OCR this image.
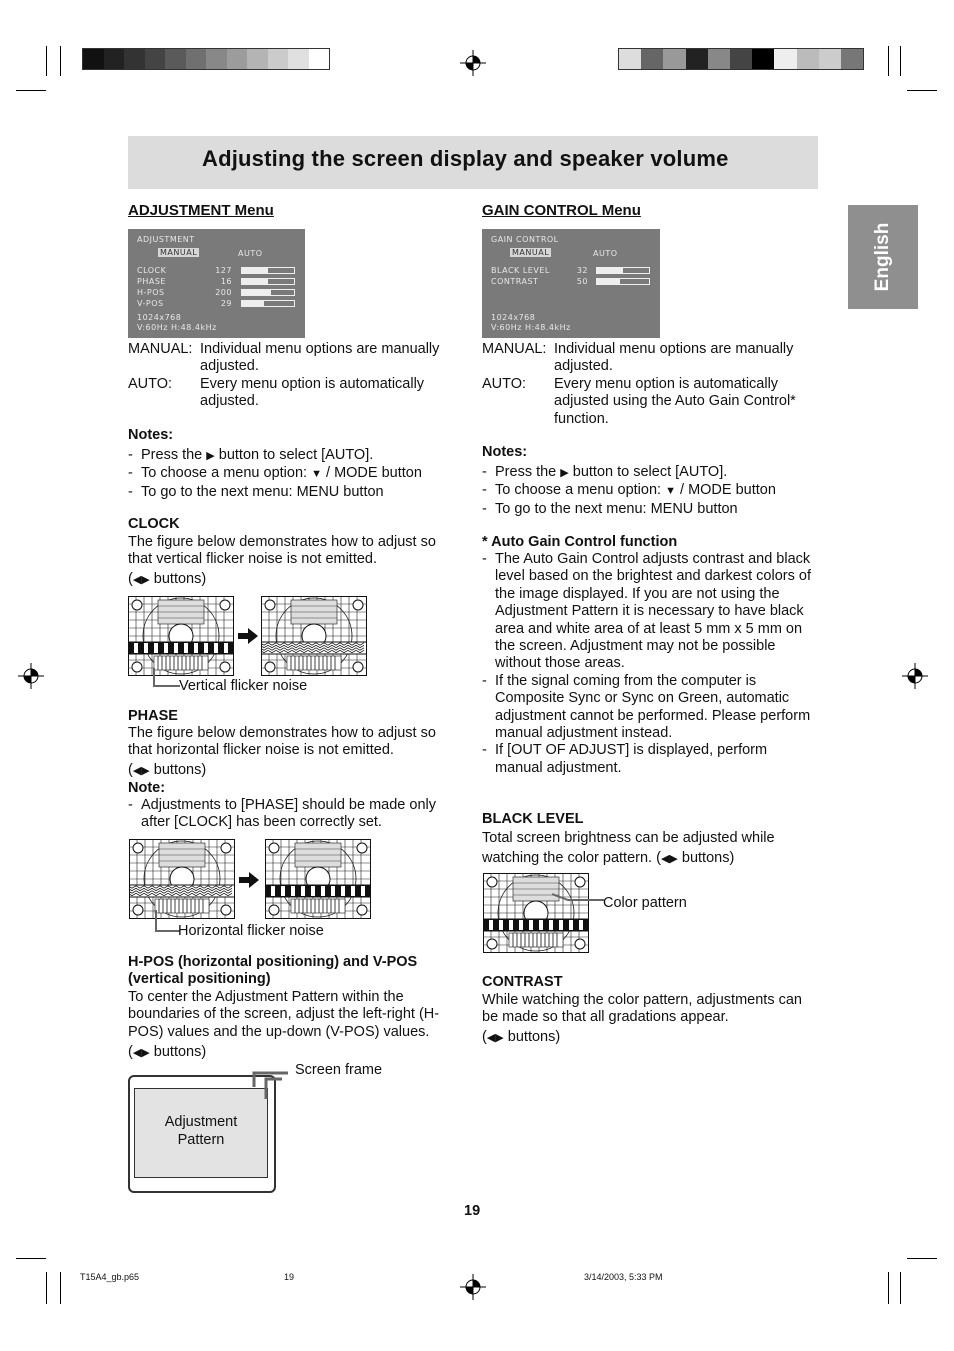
Adjusting the screen display and speaker volume
English
ADJUSTMENT Menu
ADJUSTMENT
MANUAL	AUTO
CLOCK	127
PHASE	16
H-POS	200
V-POS	29
1024x768
V:60Hz H:48.4kHz
MANUAL: Individual menu options are manually adjusted.
AUTO:	Every menu option is automatically adjusted.
Notes:
- Press the ▶ button to select [AUTO].
- To choose a menu option: ▼ / MODE button
- To go to the next menu: MENU button
CLOCK
The figure below demonstrates how to adjust so that vertical flicker noise is not emitted.
(◀▶ buttons)
Vertical flicker noise
PHASE
The figure below demonstrates how to adjust so that horizontal flicker noise is not emitted.
(◀▶ buttons)
Note:
- Adjustments to [PHASE] should be made only after [CLOCK] has been correctly set.
Horizontal flicker noise
H-POS (horizontal positioning) and V-POS (vertical positioning)
To center the Adjustment Pattern within the boundaries of the screen, adjust the left-right (H-POS) values and the up-down (V-POS) values.
(◀▶ buttons)
Adjustment
Pattern
Screen frame
GAIN CONTROL Menu
GAIN CONTROL
MANUAL	AUTO
BLACK LEVEL	32
CONTRAST	50
1024x768
V:60Hz H:48.4kHz
MANUAL: Individual menu options are manually adjusted.
AUTO:	Every menu option is automatically adjusted using the Auto Gain Control* function.
Notes:
- Press the ▶ button to select [AUTO].
- To choose a menu option: ▼ / MODE button
- To go to the next menu: MENU button
* Auto Gain Control function
- The Auto Gain Control adjusts contrast and black level based on the brightest and darkest colors of the image displayed. If you are not using the Adjustment Pattern it is necessary to have black area and white area of at least 5 mm x 5 mm on the screen. Adjustment may not be possible without those areas.
- If the signal coming from the computer is Composite Sync or Sync on Green, automatic adjustment cannot be performed. Please perform manual adjustment instead.
- If [OUT OF ADJUST] is displayed, perform manual adjustment.
BLACK LEVEL
Total screen brightness can be adjusted while watching the color pattern. (◀▶ buttons)
Color pattern
CONTRAST
While watching the color pattern, adjustments can be made so that all gradations appear.
(◀▶ buttons)
19
T15A4_gb.p65	19	3/14/2003, 5:33 PM
